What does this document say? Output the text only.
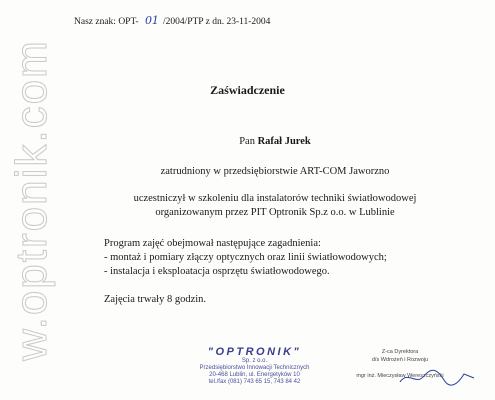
w.optronik.com
Nasz znak: OPT- 01 /2004/PTP z dn. 23-11-2004
Zaświadczenie
Pan Rafał Jurek
zatrudniony w przedsiębiorstwie ART-COM Jaworzno
uczestniczył w szkoleniu dla instalatorów techniki światłowodowej
organizowanym przez PIT Optronik Sp.z o.o. w Lublinie
Program zajęć obejmował następujące zagadnienia:
- montaż i pomiary złączy optycznych oraz linii światłowodowych;
- instalacja i eksploatacja osprzętu światłowodowego.
Zajęcia trwały 8 godzin.
"OPTRONIK"
Sp. z o.o.
Przedsiębiorstwo Innowacji Technicznych
20-468 Lublin, ul. Energetyków 10
tel./fax (081) 743 65 15, 743 84 42
Z-ca Dyrektora
d/s Wdrożeń i Rozwoju

mgr inż. Mieczysław Wereszczyński
